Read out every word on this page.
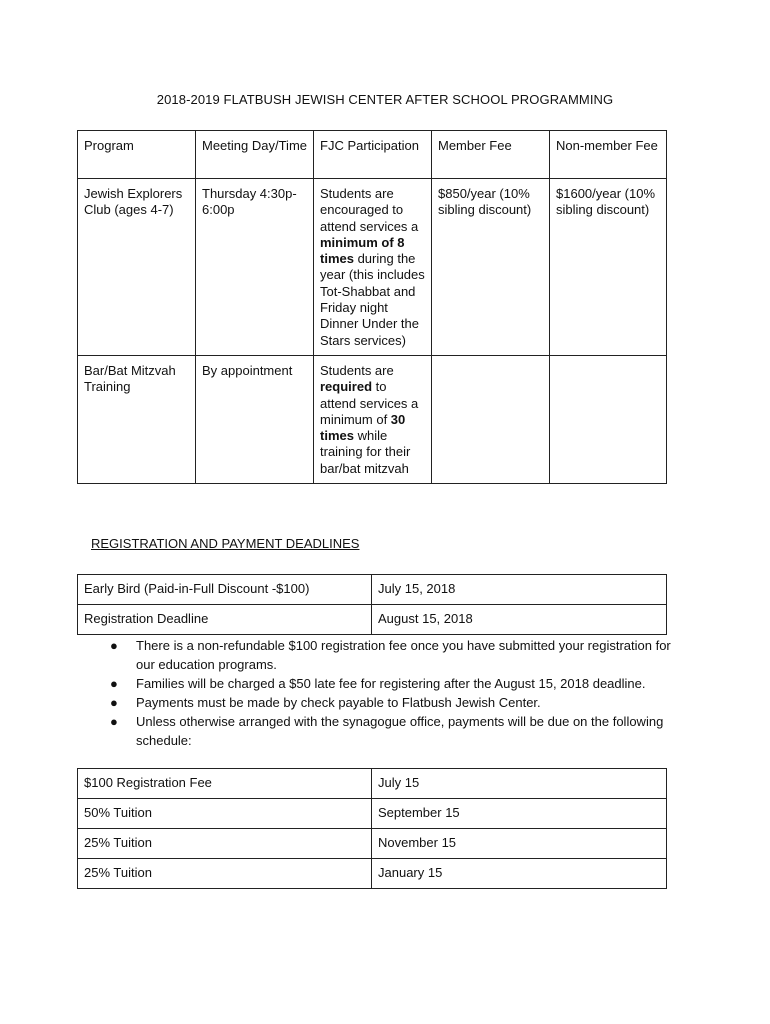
2018-2019 FLATBUSH JEWISH CENTER AFTER SCHOOL PROGRAMMING
Program	Meeting Day/Time	FJC Participation	Member Fee	Non-member Fee
Jewish Explorers Club (ages 4-7)	Thursday 4:30p-6:00p	Students are encouraged to attend services a minimum of 8 times during the year (this includes Tot-Shabbat and Friday night Dinner Under the Stars services)	$850/year (10% sibling discount)	$1600/year (10% sibling discount)
Bar/Bat Mitzvah Training	By appointment	Students are required to attend services a minimum of 30 times while training for their bar/bat mitzvah		
REGISTRATION AND PAYMENT DEADLINES
Early Bird (Paid-in-Full Discount -$100)	July 15, 2018
Registration Deadline	August 15, 2018
● There is a non-refundable $100 registration fee once you have submitted your registration for our education programs.
● Families will be charged a $50 late fee for registering after the August 15, 2018 deadline.
● Payments must be made by check payable to Flatbush Jewish Center.
● Unless otherwise arranged with the synagogue office, payments will be due on the following schedule:
$100 Registration Fee	July 15
50% Tuition	September 15
25% Tuition	November 15
25% Tuition	January 15
